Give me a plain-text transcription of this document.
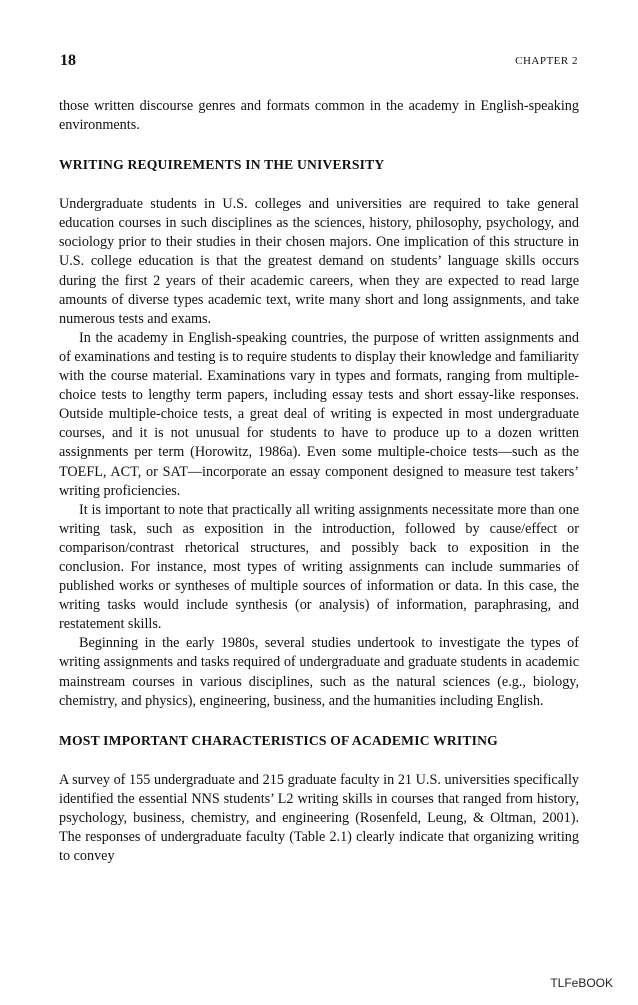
18	CHAPTER 2

those written discourse genres and formats common in the academy in English-speaking environments.

WRITING REQUIREMENTS IN THE UNIVERSITY

Undergraduate students in U.S. colleges and universities are required to take general education courses in such disciplines as the sciences, history, philosophy, psychology, and sociology prior to their studies in their chosen majors. One implication of this structure in U.S. college education is that the greatest demand on students’ language skills occurs during the first 2 years of their academic careers, when they are expected to read large amounts of diverse types academic text, write many short and long assignments, and take numerous tests and exams.

In the academy in English-speaking countries, the purpose of written assignments and of examinations and testing is to require students to display their knowledge and familiarity with the course material. Examinations vary in types and formats, ranging from multiple-choice tests to lengthy term papers, including essay tests and short essay-like responses. Outside multiple-choice tests, a great deal of writing is expected in most undergraduate courses, and it is not unusual for students to have to produce up to a dozen written assignments per term (Horowitz, 1986a). Even some multiple-choice tests—such as the TOEFL, ACT, or SAT—incorporate an essay component designed to measure test takers’ writing proficiencies.

It is important to note that practically all writing assignments necessitate more than one writing task, such as exposition in the introduction, followed by cause/effect or comparison/contrast rhetorical structures, and possibly back to exposition in the conclusion. For instance, most types of writing assignments can include summaries of published works or syntheses of multiple sources of information or data. In this case, the writing tasks would include synthesis (or analysis) of information, paraphrasing, and restatement skills.

Beginning in the early 1980s, several studies undertook to investigate the types of writing assignments and tasks required of undergraduate and graduate students in academic mainstream courses in various disciplines, such as the natural sciences (e.g., biology, chemistry, and physics), engineering, business, and the humanities including English.

MOST IMPORTANT CHARACTERISTICS OF ACADEMIC WRITING

A survey of 155 undergraduate and 215 graduate faculty in 21 U.S. universities specifically identified the essential NNS students’ L2 writing skills in courses that ranged from history, psychology, business, chemistry, and engineering (Rosenfeld, Leung, & Oltman, 2001). The responses of undergraduate faculty (Table 2.1) clearly indicate that organizing writing to convey

TLFeBOOK
